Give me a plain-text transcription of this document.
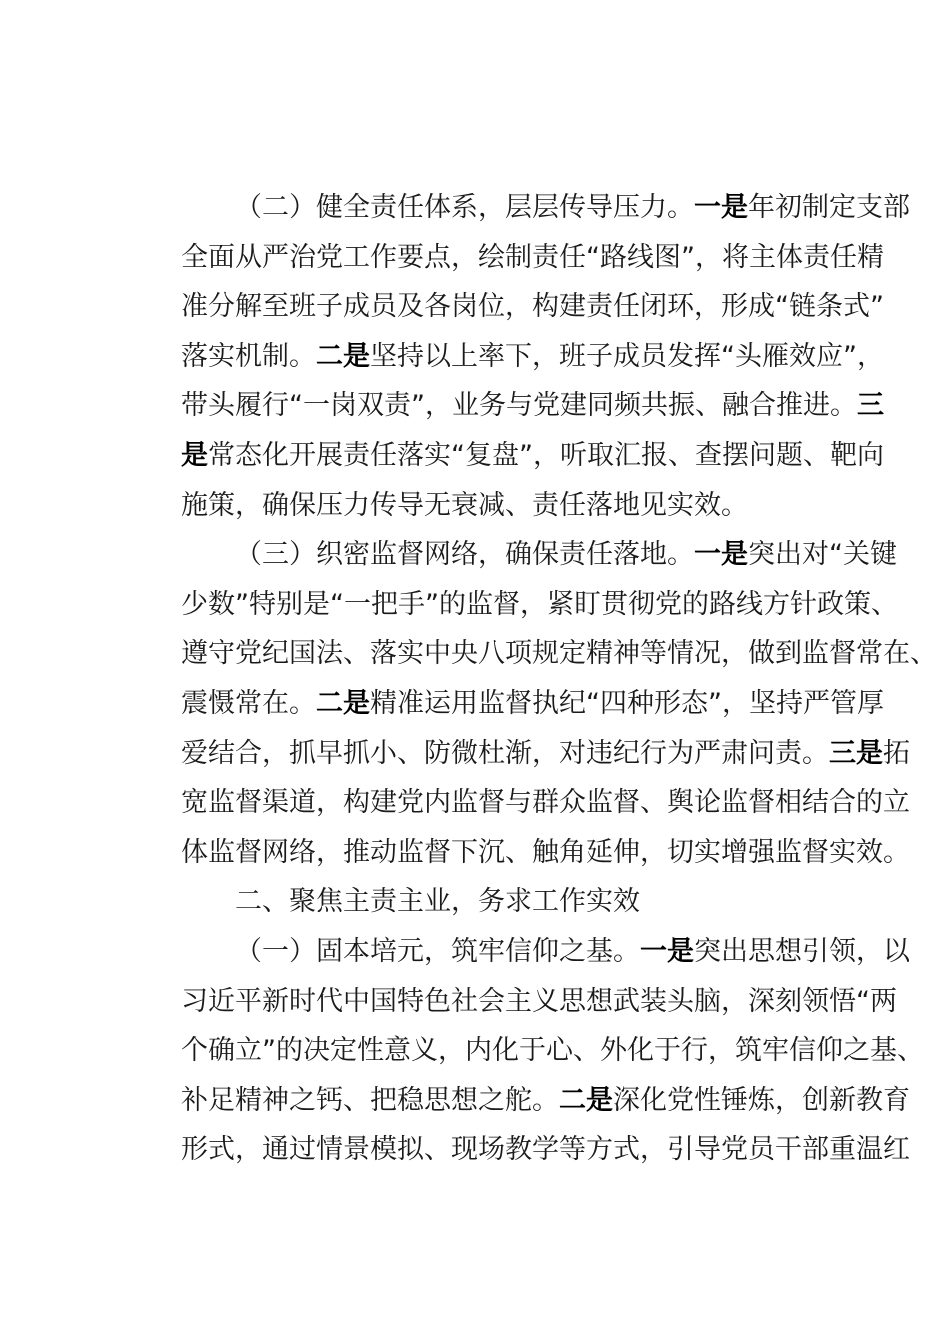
（二）健全责任体系，层层传导压力。一是年初制定支部
全面从严治党工作要点，绘制责任“路线图”，将主体责任精
准分解至班子成员及各岗位，构建责任闭环，形成“链条式”
落实机制。二是坚持以上率下，班子成员发挥“头雁效应”，
带头履行“一岗双责”，业务与党建同频共振、融合推进。三
是常态化开展责任落实“复盘”，听取汇报、查摆问题、靶向
施策，确保压力传导无衰减、责任落地见实效。
（三）织密监督网络，确保责任落地。一是突出对“关键
少数”特别是“一把手”的监督，紧盯贯彻党的路线方针政策、
遵守党纪国法、落实中央八项规定精神等情况，做到监督常在、
震慑常在。二是精准运用监督执纪“四种形态”，坚持严管厚
爱结合，抓早抓小、防微杜渐，对违纪行为严肃问责。三是拓
宽监督渠道，构建党内监督与群众监督、舆论监督相结合的立
体监督网络，推动监督下沉、触角延伸，切实增强监督实效。
二、聚焦主责主业，务求工作实效
（一）固本培元，筑牢信仰之基。一是突出思想引领，以
习近平新时代中国特色社会主义思想武装头脑，深刻领悟“两
个确立”的决定性意义，内化于心、外化于行，筑牢信仰之基、
补足精神之钙、把稳思想之舵。二是深化党性锤炼，创新教育
形式，通过情景模拟、现场教学等方式，引导党员干部重温红
